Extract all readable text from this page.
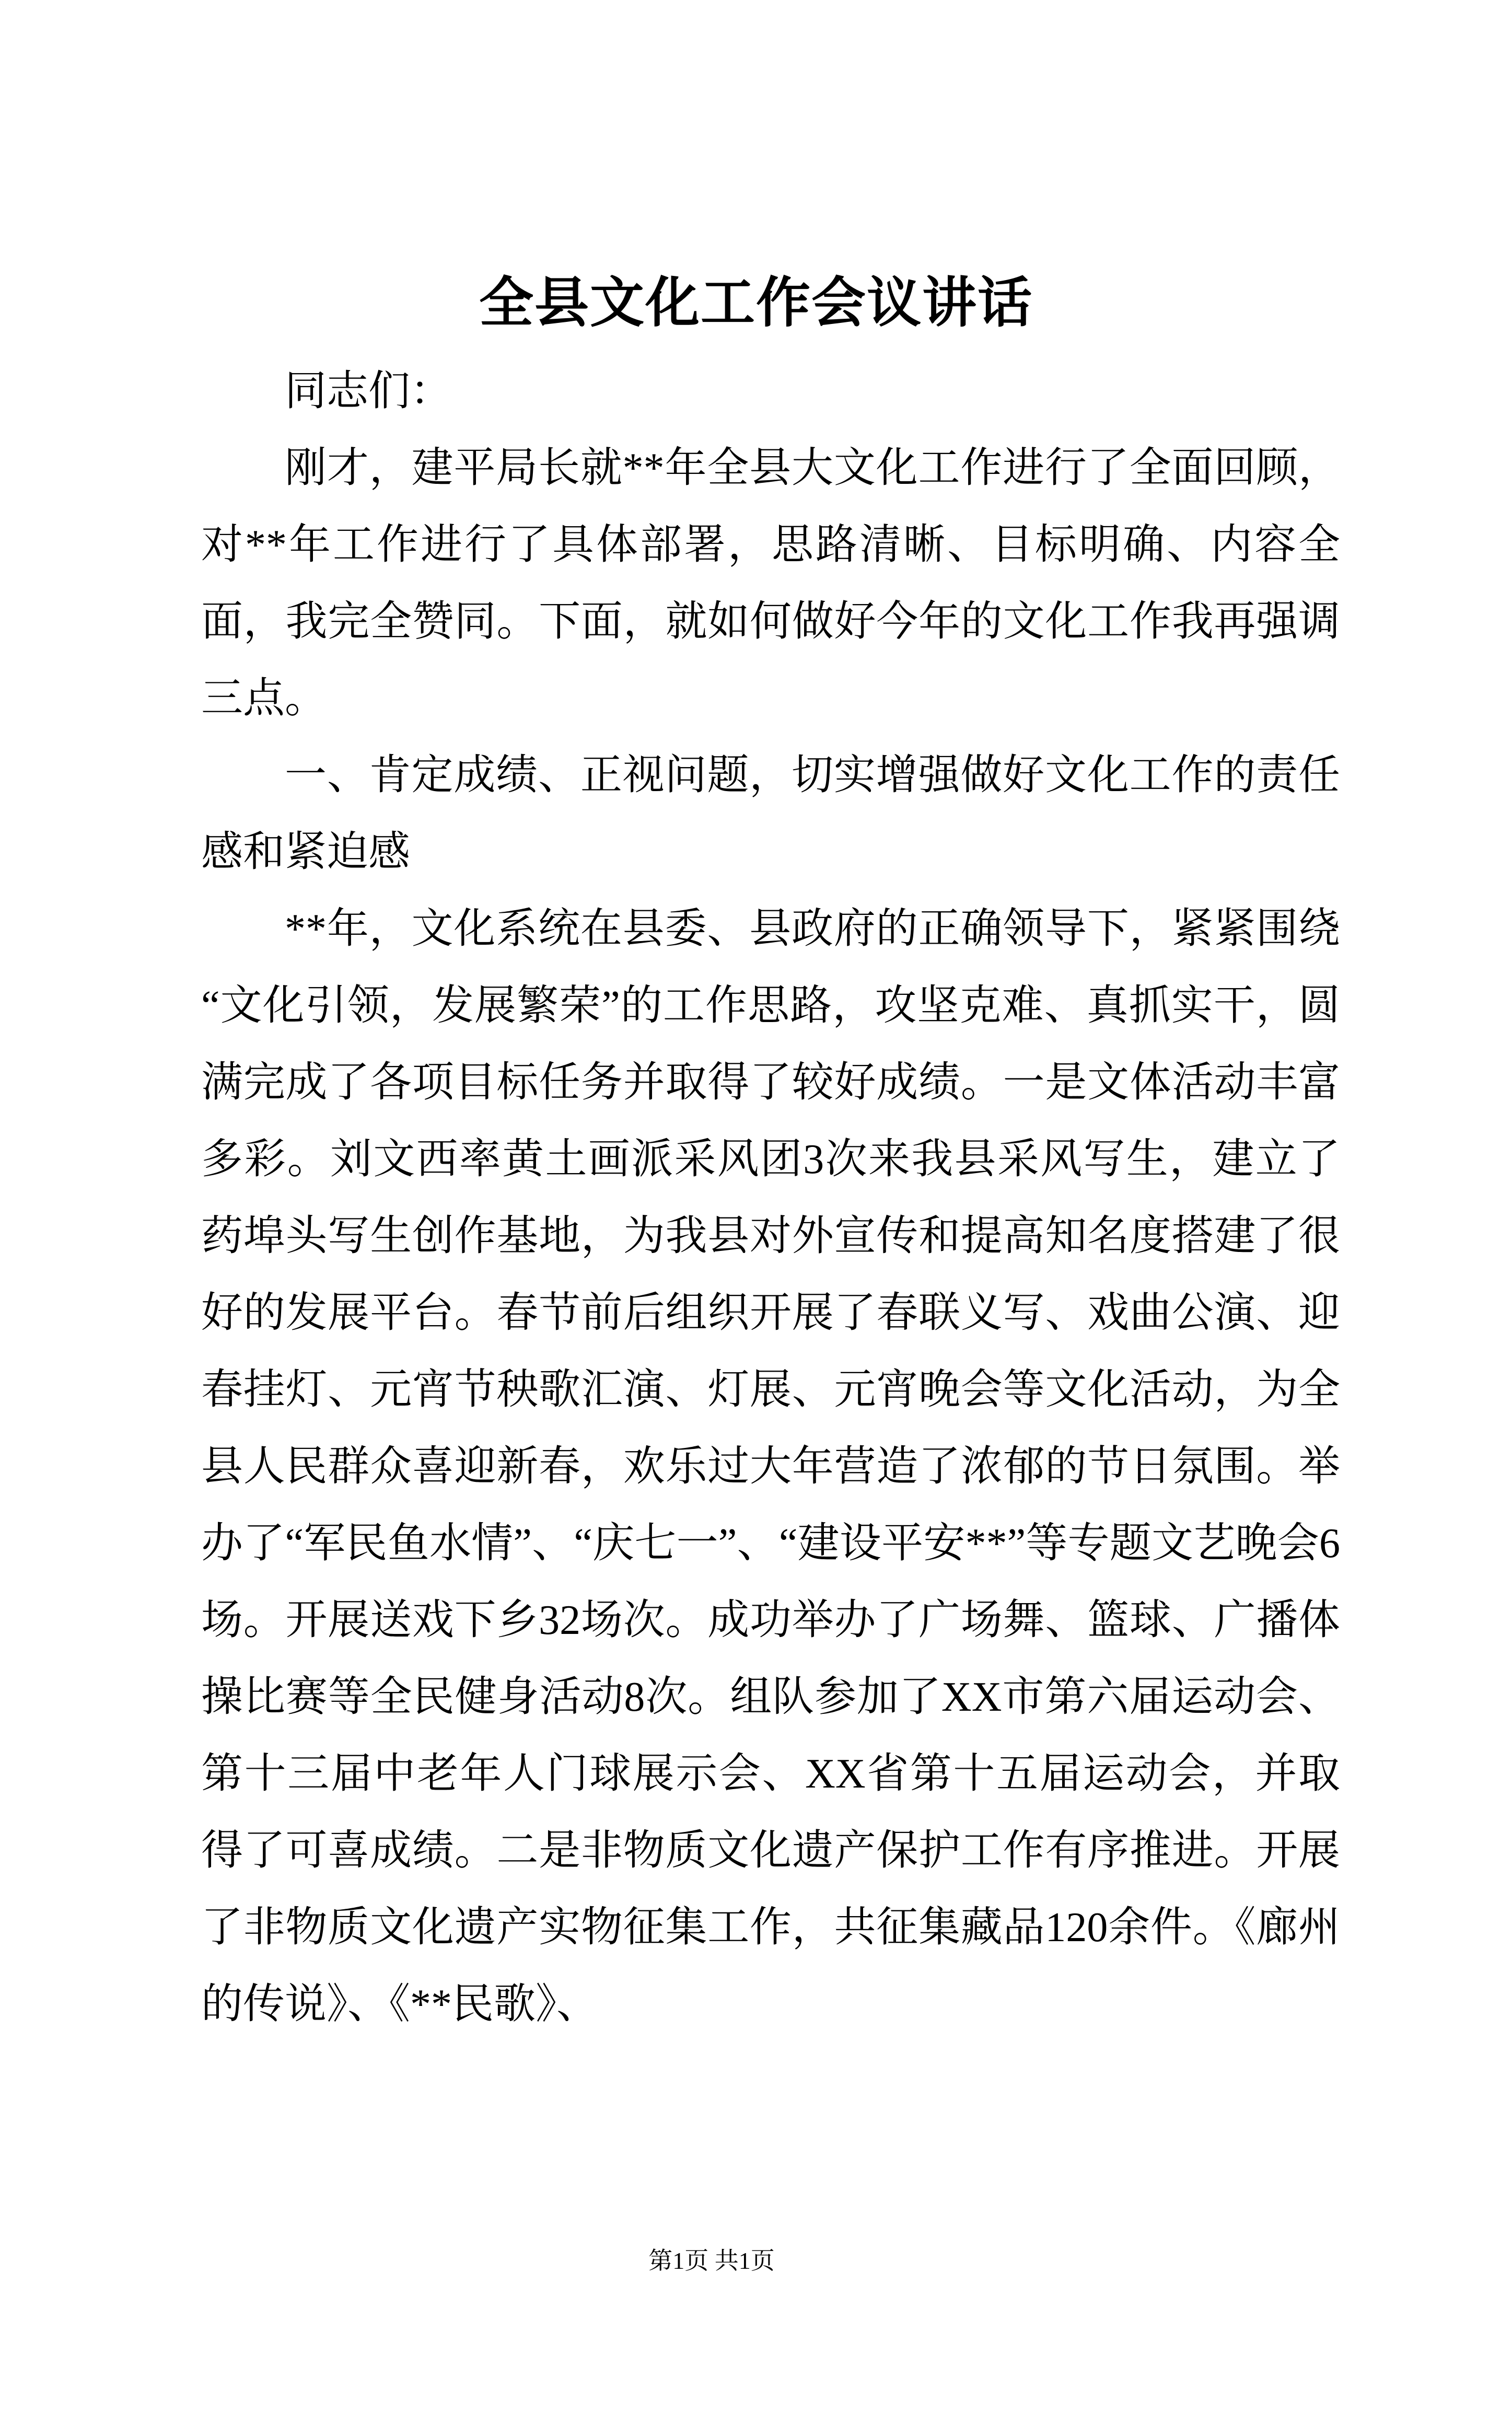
全县文化工作会议讲话

同志们：

刚才，建平局长就**年全县大文化工作进行了全面回顾，对**年工作进行了具体部署，思路清晰、目标明确、内容全面，我完全赞同。下面，就如何做好今年的文化工作我再强调三点。

一、肯定成绩、正视问题，切实增强做好文化工作的责任感和紧迫感

**年，文化系统在县委、县政府的正确领导下，紧紧围绕“文化引领，发展繁荣”的工作思路，攻坚克难、真抓实干，圆满完成了各项目标任务并取得了较好成绩。一是文体活动丰富多彩。刘文西率黄土画派采风团3次来我县采风写生，建立了药埠头写生创作基地，为我县对外宣传和提高知名度搭建了很好的发展平台。春节前后组织开展了春联义写、戏曲公演、迎春挂灯、元宵节秧歌汇演、灯展、元宵晚会等文化活动，为全县人民群众喜迎新春，欢乐过大年营造了浓郁的节日氛围。举办了“军民鱼水情”、“庆七一”、“建设平安**”等专题文艺晚会6场。开展送戏下乡32场次。成功举办了广场舞、篮球、广播体操比赛等全民健身活动8次。组队参加了XX市第六届运动会、第十三届中老年人门球展示会、XX省第十五届运动会，并取得了可喜成绩。二是非物质文化遗产保护工作有序推进。开展了非物质文化遗产实物征集工作，共征集藏品120余件。《廊州的传说》、《**民歌》、

第1页 共1页
